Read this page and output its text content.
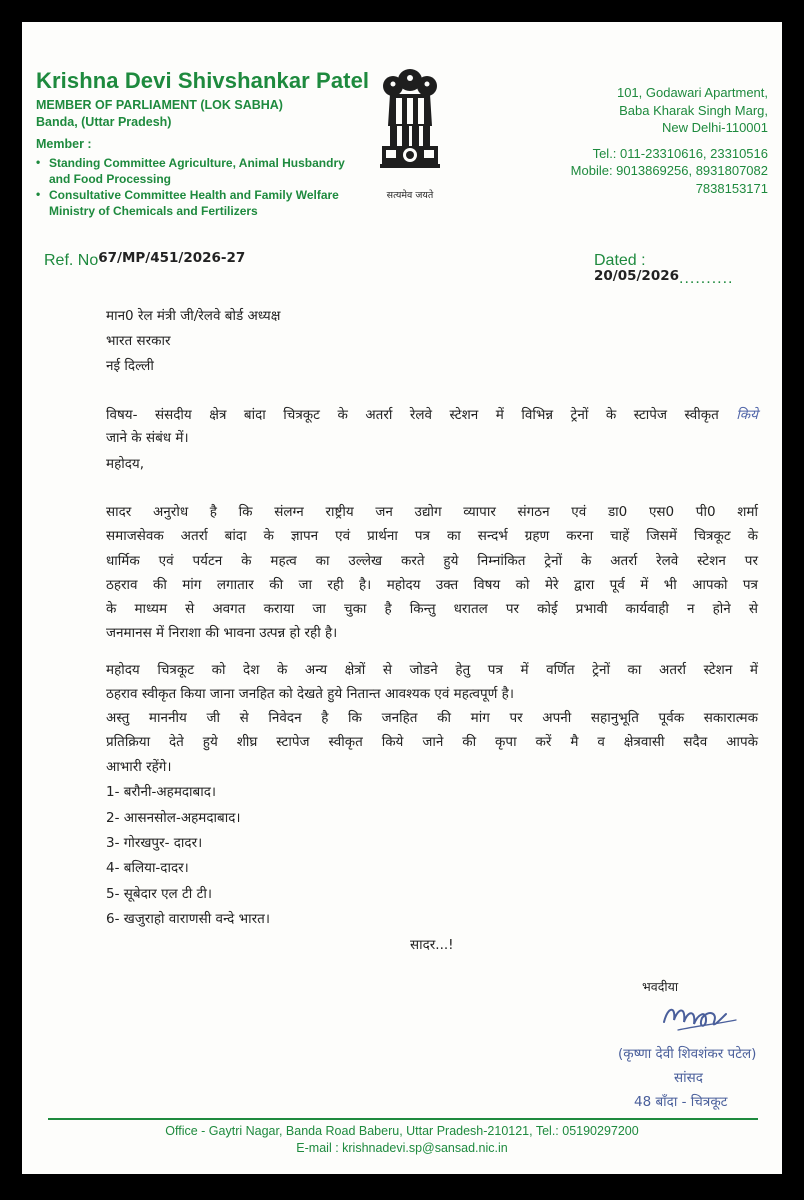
Krishna Devi Shivshankar Patel
MEMBER OF PARLIAMENT (LOK SABHA)
Banda, (Uttar Pradesh)
Member :
• Standing Committee Agriculture, Animal Husbandry and Food Processing
• Consultative Committee Health and Family Welfare Ministry of Chemicals and Fertilizers
सत्यमेव जयते
101, Godawari Apartment,
Baba Kharak Singh Marg,
New Delhi-110001
Tel.: 011-23310616, 23310516
Mobile: 9013869256, 8931807082
7838153171
Ref. No67/MP/451/2026-27	Dated : 20/05/2026..........
मान0 रेल मंत्री जी/रेलवे बोर्ड अध्यक्ष
भारत सरकार
नई दिल्ली
विषय- संसदीय क्षेत्र बांदा चित्रकूट के अतर्रा रेलवे स्टेशन में विभिन्न ट्रेनों के स्टापेज स्वीकृत किये
जाने के संबंध में।
महोदय,
सादर अनुरोध है कि संलग्न राष्ट्रीय जन उद्योग व्यापार संगठन एवं डा0 एस0 पी0 शर्मा
समाजसेवक अतर्रा बांदा के ज्ञापन एवं प्रार्थना पत्र का सन्दर्भ ग्रहण करना चाहें जिसमें चित्रकूट के
धार्मिक एवं पर्यटन के महत्व का उल्लेख करते हुये निम्नांकित ट्रेनों के अतर्रा रेलवे स्टेशन पर
ठहराव की मांग लगातार की जा रही है। महोदय उक्त विषय को मेरे द्वारा पूर्व में भी आपको पत्र
के माध्यम से अवगत कराया जा चुका है किन्तु धरातल पर कोई प्रभावी कार्यवाही न होने से
जनमानस में निराशा की भावना उत्पन्न हो रही है।
महोदय चित्रकूट को देश के अन्य क्षेत्रों से जोडने हेतु पत्र में वर्णित ट्रेनों का अतर्रा स्टेशन में
ठहराव स्वीकृत किया जाना जनहित को देखते हुये नितान्त आवश्यक एवं महत्वपूर्ण है।
अस्तु माननीय जी से निवेदन है कि जनहित की मांग पर अपनी सहानुभूति पूर्वक सकारात्मक
प्रतिक्रिया देते हुये शीघ्र स्टापेज स्वीकृत किये जाने की कृपा करें मै व क्षेत्रवासी सदैव आपके
आभारी रहेंगे।
1- बरौनी-अहमदाबाद।
2- आसनसोल-अहमदाबाद।
3- गोरखपुर- दादर।
4- बलिया-दादर।
5- सूबेदार एल टी टी।
6- खजुराहो वाराणसी वन्दे भारत।
सादर...!
भवदीया
(कृष्णा देवी शिवशंकर पटेल)
सांसद
48 बाँदा - चित्रकूट
Office - Gaytri Nagar, Banda Road Baberu, Uttar Pradesh-210121, Tel.: 05190297200
E-mail : krishnadevi.sp@sansad.nic.in
